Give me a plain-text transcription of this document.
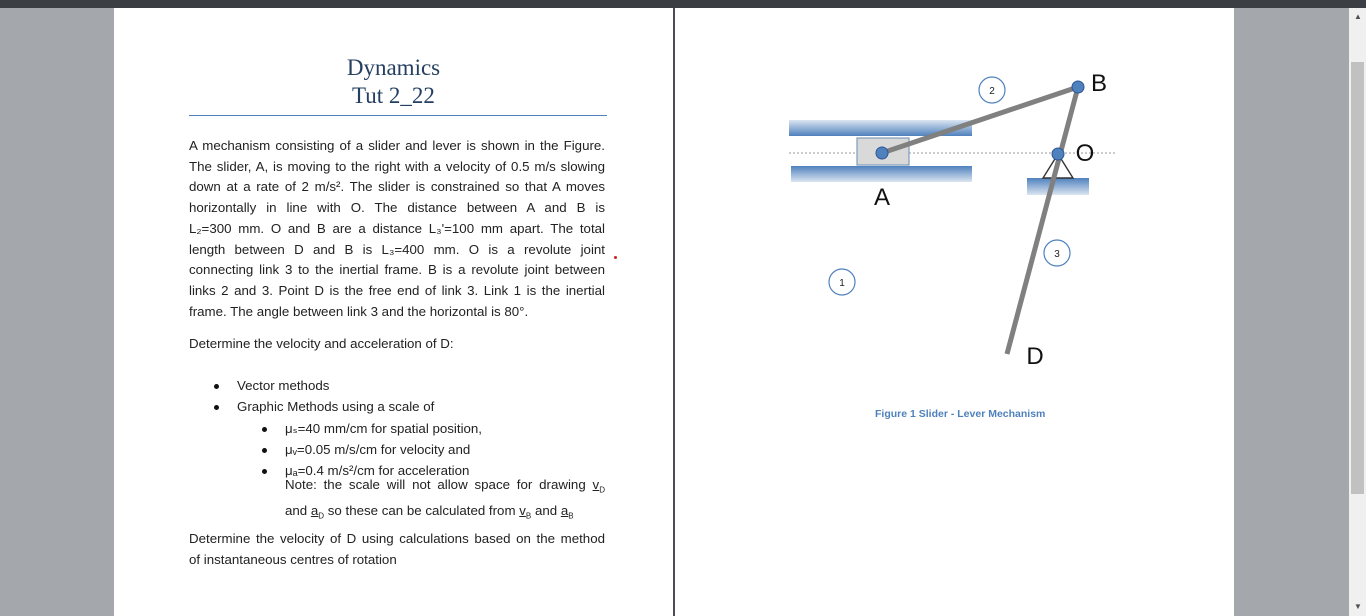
Dynamics
Tut 2_22
A mechanism consisting of a slider and lever is shown in the Figure.
The slider, A, is moving to the right with a velocity of 0.5 m/s slowing
down at a rate of 2 m/s². The slider is constrained so that A moves
horizontally in line with O. The distance between A and B is
L₂=300 mm. O and B are a distance L₃'=100 mm apart. The total
length between D and B is L₃=400 mm. O is a revolute joint
connecting link 3 to the inertial frame. B is a revolute joint between
links 2 and 3. Point D is the free end of link 3. Link 1 is the inertial
frame. The angle between link 3 and the horizontal is 80°.
Determine the velocity and acceleration of D:
Vector methods
Graphic Methods using a scale of
μₛ=40 mm/cm for spatial position,
μᵥ=0.05 m/s/cm for velocity and
μₐ=0.4 m/s²/cm for acceleration
Note: the scale will not allow space for drawing $v_D$
and $a_D$ so these can be calculated from $v_B$ and $a_B$
Determine the velocity of D using calculations based on the method
of instantaneous centres of rotation
1
2
3
A
B
O
D
Figure 1 Slider - Lever Mechanism
▲
▼
